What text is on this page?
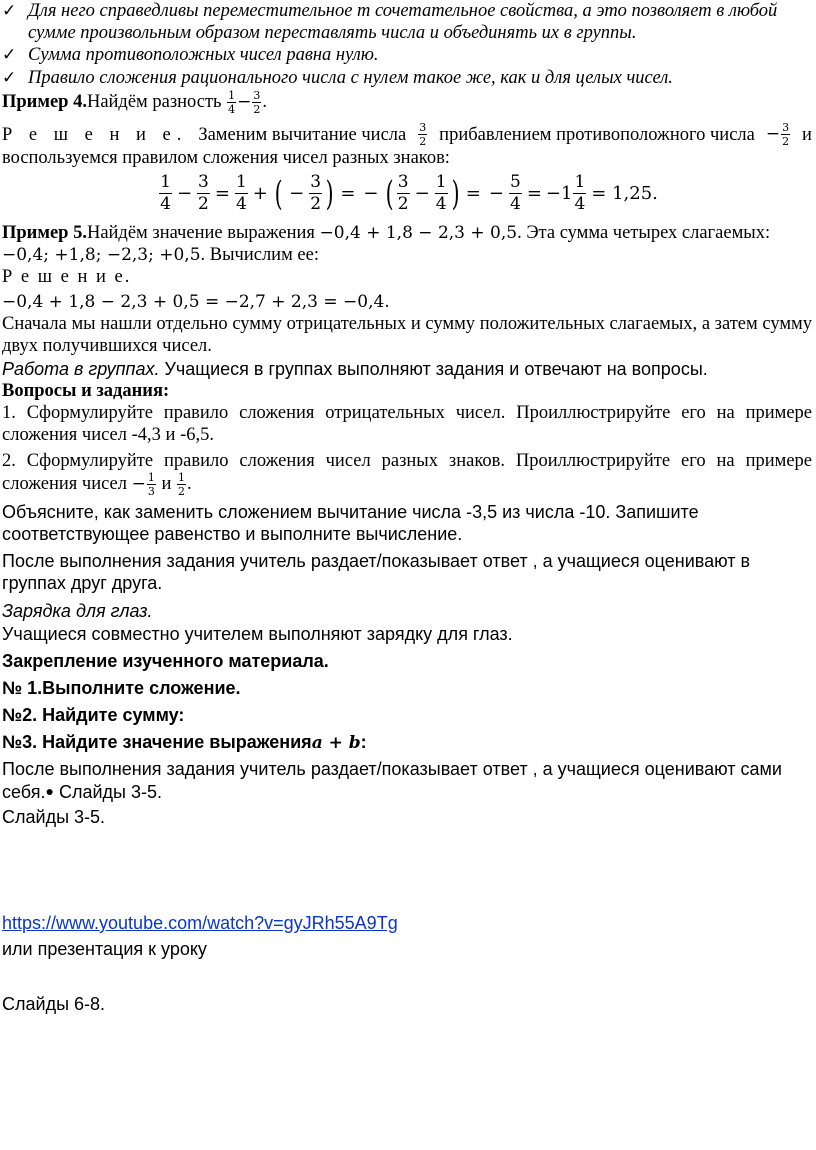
✓ Для него справедливы переместительное т сочетательное свойства, а это позволяет в любой сумме произвольным образом переставлять числа и объединять их в группы.
✓ Сумма противоположных чисел равна нулю.
✓ Правило сложения рационального числа с нулем такое же, как и для целых чисел.
Пример 4.Найдём разность $\frac{1}{4} - \frac{3}{2}$ .
Р е ш е н и е. Заменим вычитание числа $\frac{3}{2}$ прибавлением противоположного числа − $\frac{3}{2}$ и
воспользуемся правилом сложения чисел разных знаков:
$\frac{1}{4} - \frac{3}{2} = \frac{1}{4}$ + ( − $\frac{3}{2}$ ) = − ( $\frac{3}{2} - \frac{1}{4}$ ) = − $\frac{5}{4} = -1 \frac{1}{4} = 1,25$.
Пример 5.Найдём значение выражения −0,4 + 1,8 − 2,3 + 0,5. Эта сумма четырех слагаемых:
−0,4; +1,8; −2,3; +0,5. Вычислим ее:
Р е ш е н и е.
−0,4 + 1,8 − 2,3 + 0,5 = −2,7 + 2,3 = −0,4.
Сначала мы нашли отдельно сумму отрицательных и сумму положительных слагаемых, а затем сумму двух получившихся чисел.
Работа в группах. Учащиеся в группах выполняют задания и отвечают на вопросы.
Вопросы и задания:
1. Сформулируйте правило сложения отрицательных чисел. Проиллюстрируйте его на примере сложения чисел -4,3 и -6,5.
2. Сформулируйте правило сложения чисел разных знаков. Проиллюстрируйте его на примере сложения чисел − $\frac{1}{3}$ и $\frac{1}{2}$ .
Объясните, как заменить сложением вычитание числа -3,5 из числа -10. Запишите соответствующее равенство и выполните вычисление.
После выполнения задания учитель раздает/показывает ответ , а учащиеся оценивают в группах друг друга.
Зарядка для глаз.
Учащиеся совместно учителем выполняют зарядку для глаз.
Закрепление изученного материала.
№ 1.Выполните сложение.
№2. Найдите сумму:
№3. Найдите значение выраженияa + b:
После выполнения задания учитель раздает/показывает ответ , а учащиеся оценивают сами
себя.● Слайды 3-5.
Слайды 3-5.
https://www.youtube.com/watch?v=gyJRh55A9Tg
или презентация к уроку
Слайды 6-8.
